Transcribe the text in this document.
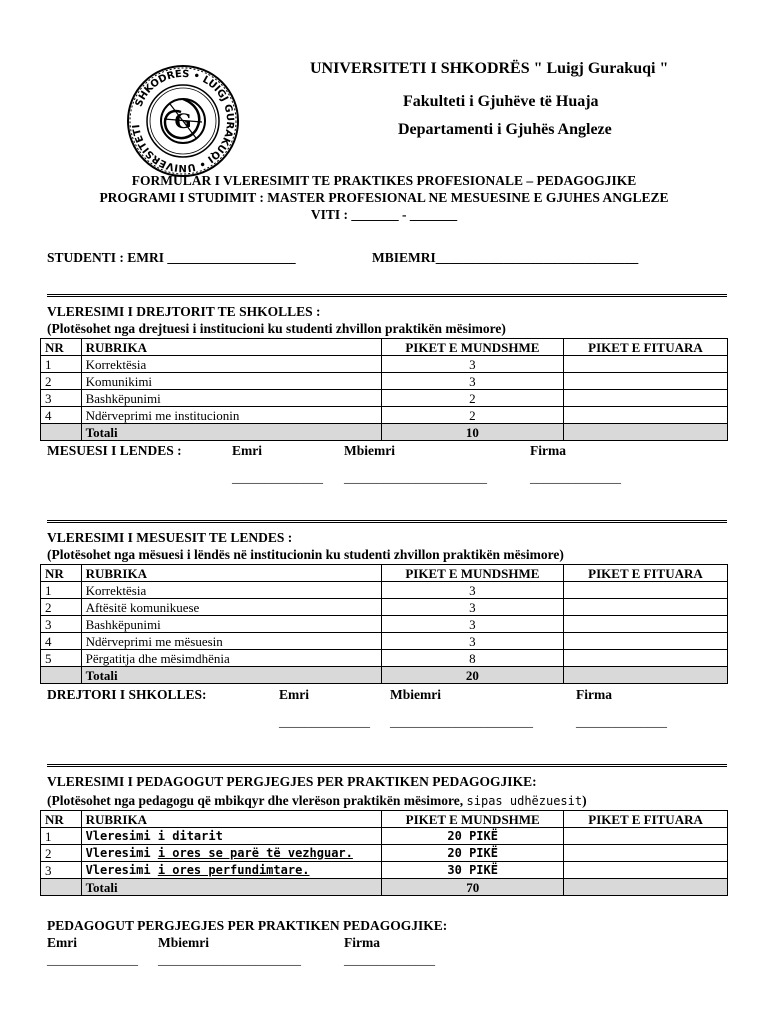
SHKODRES • LUIGJ GURAKUQI • UNIVERSITETI	G
UNIVERSITETI I SHKODRËS " Luigj Gurakuqi "
Fakulteti i Gjuhëve të Huaja
Departamenti i Gjuhës Angleze
FORMULAR I VLERESIMIT TE PRAKTIKES PROFESIONALE – PEDAGOGJIKE
PROGRAMI I STUDIMIT : MASTER PROFESIONAL NE MESUESINE E GJUHES ANGLEZE
VITI : _______ - _______
STUDENTI : EMRI ___________________	MBIEMRI______________________________
VLERESIMI I DREJTORIT TE SHKOLLES :
(Plotësohet nga drejtuesi i institucioni ku studenti zhvillon praktikën mësimore)
NR	RUBRIKA	PIKET E MUNDSHME	PIKET E FITUARA
1	Korrektësia	3	
2	Komunikimi	3	
3	Bashkëpunimi	2	
4	Ndërveprimi me institucionin	2	
	Totali	10	
MESUESI I LENDES :	Emri	Mbiemri	Firma
______________ ______________________	______________
VLERESIMI I MESUESIT TE LENDES :
(Plotësohet nga mësuesi i lëndës në institucionin ku studenti zhvillon praktikën mësimore)
NR	RUBRIKA	PIKET E MUNDSHME	PIKET E FITUARA
1	Korrektësia	3	
2	Aftësitë komunikuese	3	
3	Bashkëpunimi	3	
4	Ndërveprimi me mësuesin	3	
5	Përgatitja dhe mësimdhënia	8	
	Totali	20	
DREJTORI I SHKOLLES:	Emri	Mbiemri	Firma
______________ ______________________	______________
VLERESIMI I PEDAGOGUT PERGJEGJES PER PRAKTIKEN PEDAGOGJIKE:
(Plotësohet nga pedagogu që mbikqyr dhe vlerëson praktikën mësimore, sipas udhëzuesit)
NR	RUBRIKA	PIKET E MUNDSHME	PIKET E FITUARA
1	Vleresimi i ditarit	20 PIKË	
2	Vleresimi i ores se parë të vezhguar.	20 PIKË	
3	Vleresimi i ores perfundimtare.	30 PIKË	
	Totali	70	
PEDAGOGUT PERGJEGJES PER PRAKTIKEN PEDAGOGJIKE:
Emri	Mbiemri	Firma
______________ ______________________	______________
